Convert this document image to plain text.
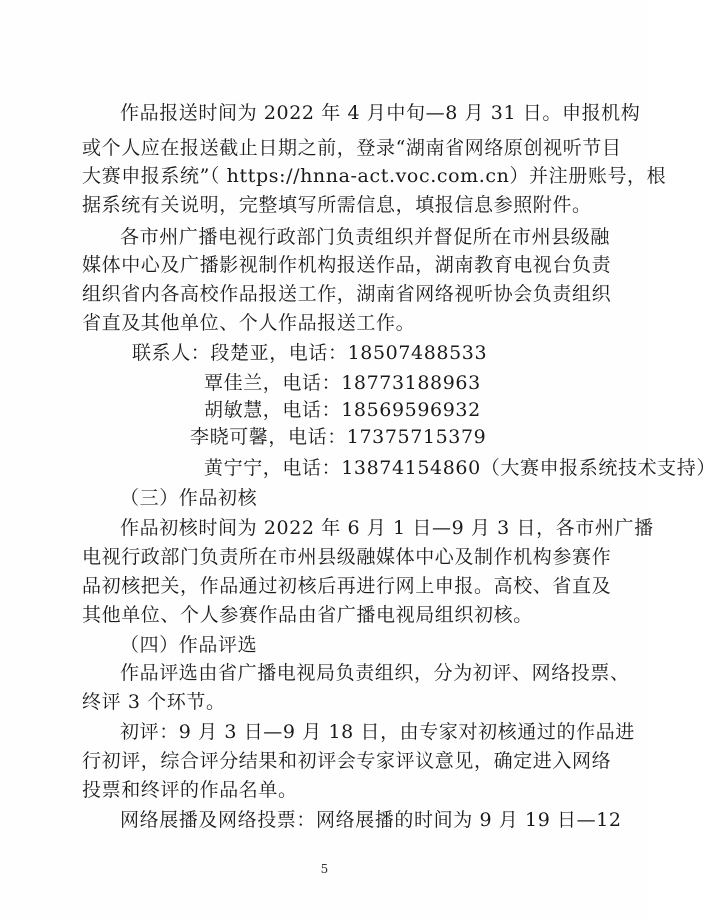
作品报送时间为 2022 年 4 月中旬—8 月 31 日。申报机构
或个人应在报送截止日期之前，登录“湖南省网络原创视听节目
大赛申报系统”（ https://hnna-act.voc.com.cn）并注册账号，根
据系统有关说明，完整填写所需信息，填报信息参照附件。
各市州广播电视行政部门负责组织并督促所在市州县级融
媒体中心及广播影视制作机构报送作品，湖南教育电视台负责
组织省内各高校作品报送工作，湖南省网络视听协会负责组织
省直及其他单位、个人作品报送工作。
联系人：段楚亚，电话：18507488533
覃佳兰，电话：18773188963
胡敏慧，电话：18569596932
李晓可馨，电话：17375715379
黄宁宁，电话：13874154860（大赛申报系统技术支持）
（三）作品初核
作品初核时间为 2022 年 6 月 1 日—9 月 3 日，各市州广播
电视行政部门负责所在市州县级融媒体中心及制作机构参赛作
品初核把关，作品通过初核后再进行网上申报。高校、省直及
其他单位、个人参赛作品由省广播电视局组织初核。
（四）作品评选
作品评选由省广播电视局负责组织，分为初评、网络投票、
终评 3 个环节。
初评：9 月 3 日—9 月 18 日，由专家对初核通过的作品进
行初评，综合评分结果和初评会专家评议意见，确定进入网络
投票和终评的作品名单。
网络展播及网络投票：网络展播的时间为 9 月 19 日—12
5
